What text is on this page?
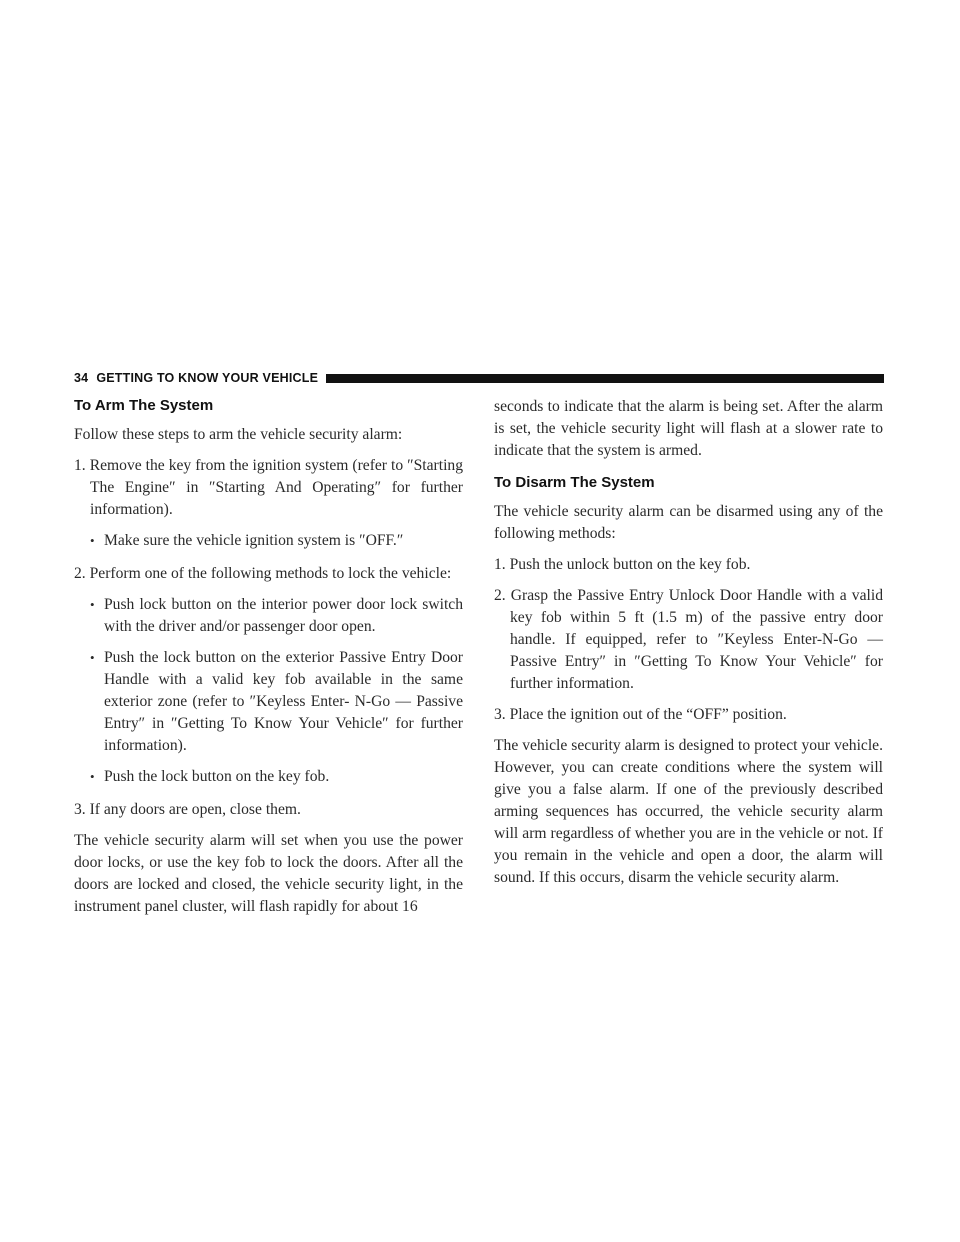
34 GETTING TO KNOW YOUR VEHICLE
To Arm The System

Follow these steps to arm the vehicle security alarm:

1. Remove the key from the ignition system (refer to ″Starting The Engine″ in ″Starting And Operating″ for further information).

• Make sure the vehicle ignition system is ″OFF.″

2. Perform one of the following methods to lock the vehicle:

• Push lock button on the interior power door lock switch with the driver and/or passenger door open.

• Push the lock button on the exterior Passive Entry Door Handle with a valid key fob available in the same exterior zone (refer to ″Keyless Enter- N-Go — Passive Entry″ in ″Getting To Know Your Vehicle″ for further information).

• Push the lock button on the key fob.

3. If any doors are open, close them.

The vehicle security alarm will set when you use the power door locks, or use the key fob to lock the doors. After all the doors are locked and closed, the vehicle security light, in the instrument panel cluster, will flash rapidly for about 16

seconds to indicate that the alarm is being set. After the alarm is set, the vehicle security light will flash at a slower rate to indicate that the system is armed.

To Disarm The System

The vehicle security alarm can be disarmed using any of the following methods:

1. Push the unlock button on the key fob.

2. Grasp the Passive Entry Unlock Door Handle with a valid key fob within 5 ft (1.5 m) of the passive entry door handle. If equipped, refer to ″Keyless Enter-N-Go — Passive Entry″ in ″Getting To Know Your Vehicle″ for further information.

3. Place the ignition out of the “OFF” position.

The vehicle security alarm is designed to protect your vehicle. However, you can create conditions where the system will give you a false alarm. If one of the previously described arming sequences has occurred, the vehicle security alarm will arm regardless of whether you are in the vehicle or not. If you remain in the vehicle and open a door, the alarm will sound. If this occurs, disarm the vehicle security alarm.
